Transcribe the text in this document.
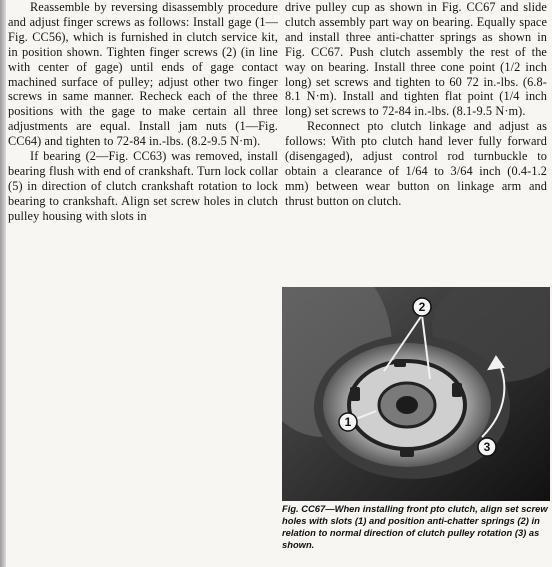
Reassemble by reversing disassembly procedure and adjust finger screws as follows: Install gage (1—Fig. CC56), which is furnished in clutch service kit, in position shown. Tighten finger screws (2) (in line with center of gage) until ends of gage contact machined surface of pulley; adjust other two finger screws in same manner. Recheck each of the three positions with the gage to make certain all three adjustments are equal. Install jam nuts (1—Fig. CC64) and tighten to 72-84 in.-lbs. (8.2-9.5 N·m).

If bearing (2—Fig. CC63) was removed, install bearing flush with end of crankshaft. Turn lock collar (5) in direction of clutch crankshaft rotation to lock bearing to crankshaft. Align set screw holes in clutch pulley housing with slots in

drive pulley cup as shown in Fig. CC67 and slide clutch assembly part way on bearing. Equally space and install three anti-chatter springs as shown in Fig. CC67. Push clutch assembly the rest of the way on bearing. Install three cone point (1/2 inch long) set screws and tighten to 60 72 in.-lbs. (6.8-8.1 N·m). Install and tighten flat point (1/4 inch long) set screws to 72-84 in.-lbs. (8.1-9.5 N·m).

Reconnect pto clutch linkage and adjust as follows: With pto clutch hand lever fully forward (disengaged), adjust control rod turnbuckle to obtain a clearance of 1/64 to 3/64 inch (0.4-1.2 mm) between wear button on linkage arm and thrust button on clutch.

2
1
3
Fig. CC67—When installing front pto clutch, align set screw holes with slots (1) and position anti-chatter springs (2) in relation to normal direction of clutch pulley rotation (3) as shown.
